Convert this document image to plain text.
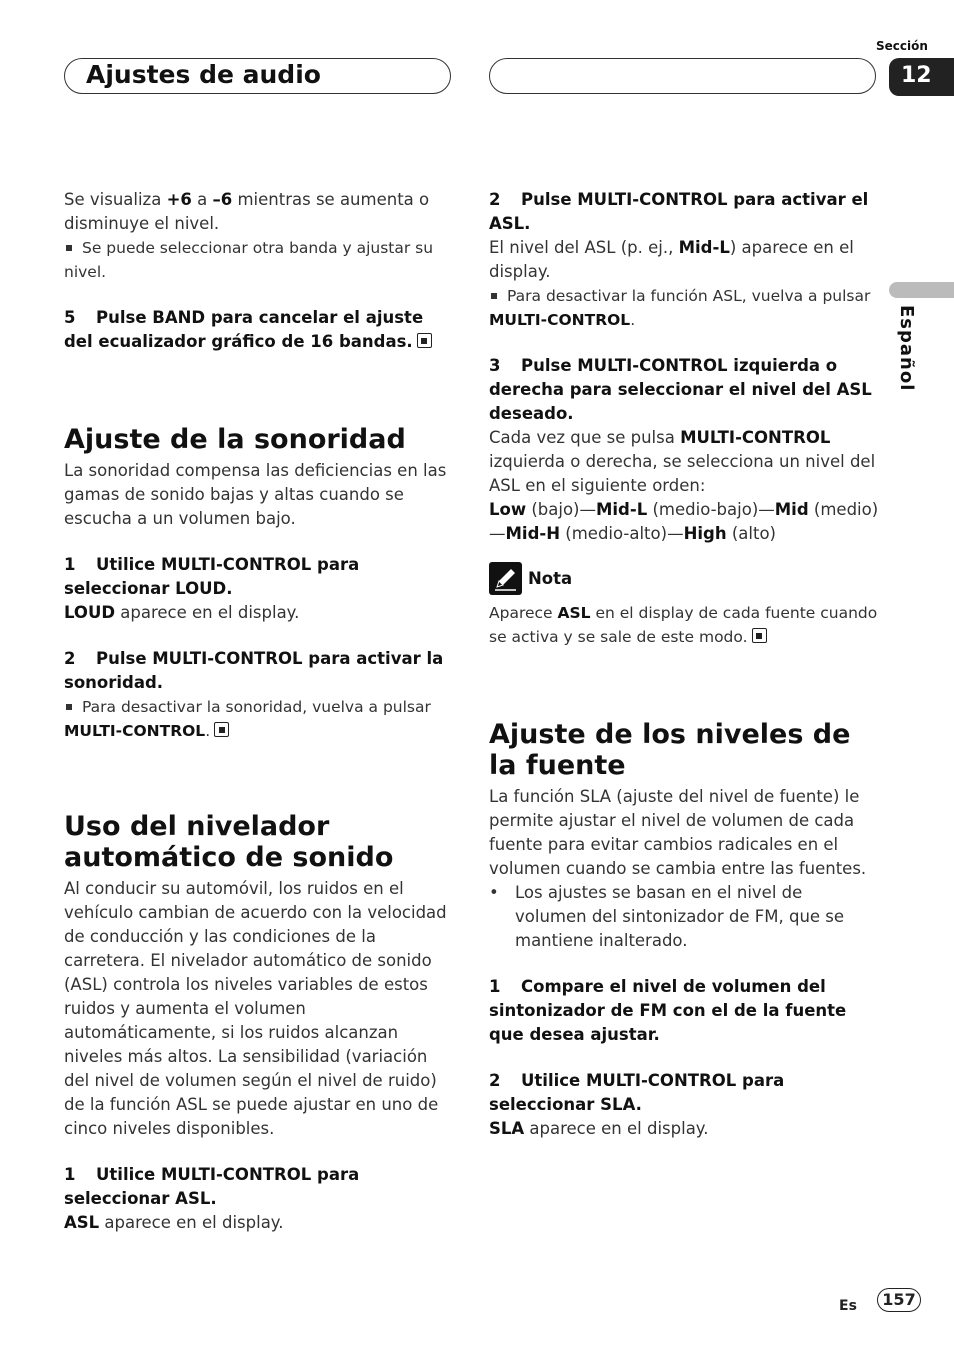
Ajustes de audio
Sección
12
Español

Se visualiza +6 a –6 mientras se aumenta o disminuye el nivel.

Se puede seleccionar otra banda y ajustar su nivel.

5 Pulse BAND para cancelar el ajuste del ecualizador gráfico de 16 bandas.

Ajuste de la sonoridad

La sonoridad compensa las deficiencias en las gamas de sonido bajas y altas cuando se escucha a un volumen bajo.

1 Utilice MULTI-CONTROL para seleccionar LOUD.

LOUD aparece en el display.

2 Pulse MULTI-CONTROL para activar la sonoridad.

Para desactivar la sonoridad, vuelva a pulsar
MULTI-CONTROL.

Uso del nivelador automático de sonido

Al conducir su automóvil, los ruidos en el vehículo cambian de acuerdo con la velocidad de conducción y las condiciones de la carretera. El nivelador automático de sonido (ASL) controla los niveles variables de estos ruidos y aumenta el volumen automáticamente, si los ruidos alcanzan niveles más altos. La sensibilidad (variación del nivel de volumen según el nivel de ruido) de la función ASL se puede ajustar en uno de cinco niveles disponibles.

1 Utilice MULTI-CONTROL para seleccionar ASL.

ASL aparece en el display.

2 Pulse MULTI-CONTROL para activar el ASL.

El nivel del ASL (p. ej., Mid-L) aparece en el display.

Para desactivar la función ASL, vuelva a pulsar MULTI-CONTROL.

3 Pulse MULTI-CONTROL izquierda o derecha para seleccionar el nivel del ASL deseado.

Cada vez que se pulsa MULTI-CONTROL izquierda o derecha, se selecciona un nivel del ASL en el siguiente orden:

Low (bajo)—Mid-L (medio-bajo)—Mid (medio)—Mid-H (medio-alto)—High (alto)

Nota

Aparece ASL en el display de cada fuente cuando se activa y se sale de este modo.

Ajuste de los niveles de la fuente

La función SLA (ajuste del nivel de fuente) le permite ajustar el nivel de volumen de cada fuente para evitar cambios radicales en el volumen cuando se cambia entre las fuentes.

• Los ajustes se basan en el nivel de volumen del sintonizador de FM, que se mantiene inalterado.

1 Compare el nivel de volumen del sintonizador de FM con el de la fuente que desea ajustar.

2 Utilice MULTI-CONTROL para seleccionar SLA.

SLA aparece en el display.

Es	157
